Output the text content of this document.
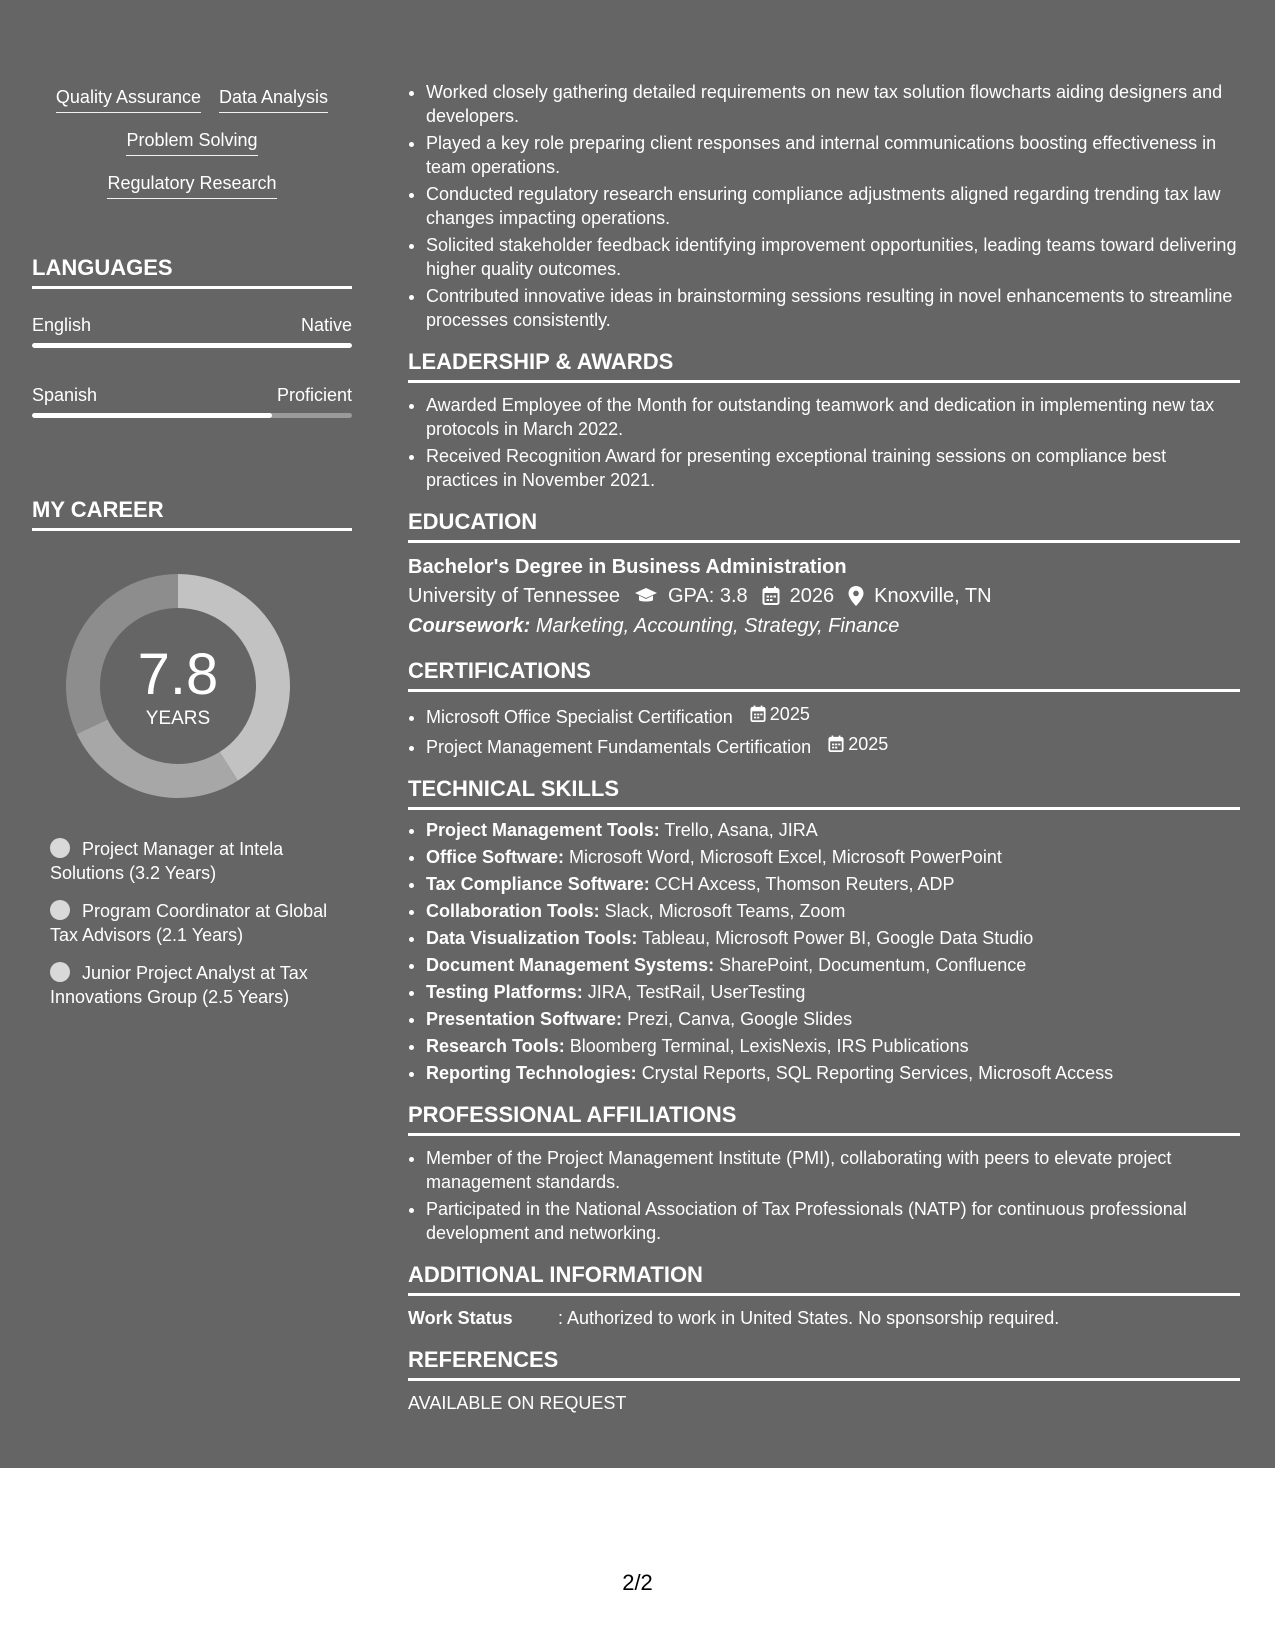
Quality Assurance Data Analysis
Problem Solving
Regulatory Research
LANGUAGES
English	Native
Spanish	Proficient
MY CAREER
7.8
YEARS
Project Manager at Intela Solutions (3.2 Years)
Program Coordinator at Global Tax Advisors (2.1 Years)
Junior Project Analyst at Tax Innovations Group (2.5 Years)
• Worked closely gathering detailed requirements on new tax solution flowcharts aiding designers and developers.
• Played a key role preparing client responses and internal communications boosting effectiveness in team operations.
• Conducted regulatory research ensuring compliance adjustments aligned regarding trending tax law changes impacting operations.
• Solicited stakeholder feedback identifying improvement opportunities, leading teams toward delivering higher quality outcomes.
• Contributed innovative ideas in brainstorming sessions resulting in novel enhancements to streamline processes consistently.
LEADERSHIP & AWARDS
• Awarded Employee of the Month for outstanding teamwork and dedication in implementing new tax protocols in March 2022.
• Received Recognition Award for presenting exceptional training sessions on compliance best practices in November 2021.
EDUCATION
Bachelor's Degree in Business Administration
University of Tennessee GPA: 3.8 2026 Knoxville, TN
Coursework: Marketing, Accounting, Strategy, Finance
CERTIFICATIONS
• Microsoft Office Specialist Certification 2025
• Project Management Fundamentals Certification 2025
TECHNICAL SKILLS
• Project Management Tools: Trello, Asana, JIRA
• Office Software: Microsoft Word, Microsoft Excel, Microsoft PowerPoint
• Tax Compliance Software: CCH Axcess, Thomson Reuters, ADP
• Collaboration Tools: Slack, Microsoft Teams, Zoom
• Data Visualization Tools: Tableau, Microsoft Power BI, Google Data Studio
• Document Management Systems: SharePoint, Documentum, Confluence
• Testing Platforms: JIRA, TestRail, UserTesting
• Presentation Software: Prezi, Canva, Google Slides
• Research Tools: Bloomberg Terminal, LexisNexis, IRS Publications
• Reporting Technologies: Crystal Reports, SQL Reporting Services, Microsoft Access
PROFESSIONAL AFFILIATIONS
• Member of the Project Management Institute (PMI), collaborating with peers to elevate project management standards.
• Participated in the National Association of Tax Professionals (NATP) for continuous professional development and networking.
ADDITIONAL INFORMATION
Work Status	: Authorized to work in United States. No sponsorship required.
REFERENCES
AVAILABLE ON REQUEST
2/2
